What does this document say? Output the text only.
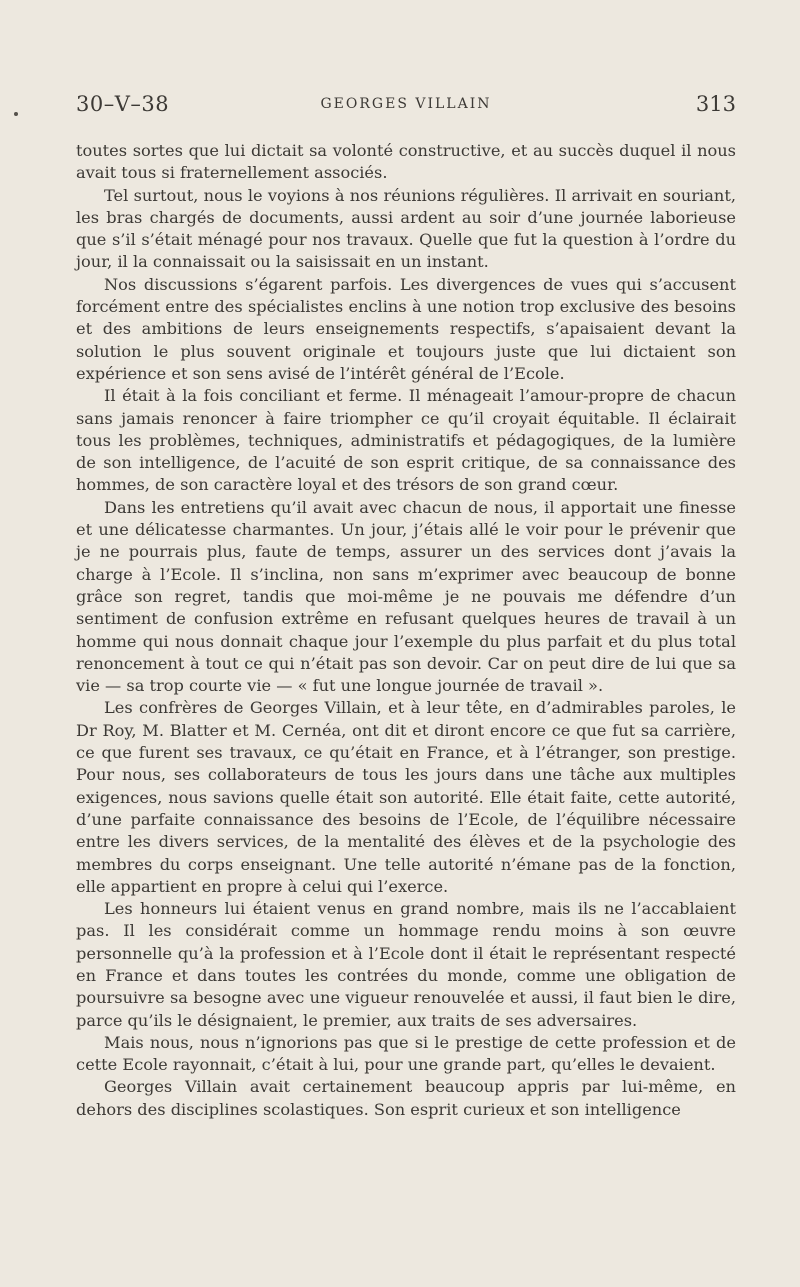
30–V–38	GEORGES VILLAIN	313

toutes sortes que lui dictait sa volonté constructive, et au succès duquel il nous avait tous si fraternellement associés.

Tel surtout, nous le voyions à nos réunions régulières. Il arrivait en souriant, les bras chargés de documents, aussi ardent au soir d’une journée laborieuse que s’il s’était ménagé pour nos travaux. Quelle que fut la question à l’ordre du jour, il la connaissait ou la saisissait en un instant.

Nos discussions s’égarent parfois. Les divergences de vues qui s’accusent forcément entre des spécialistes enclins à une notion trop exclusive des besoins et des ambitions de leurs enseignements respectifs, s’apaisaient devant la solution le plus souvent originale et toujours juste que lui dictaient son expérience et son sens avisé de l’intérêt général de l’Ecole.

Il était à la fois conciliant et ferme. Il ménageait l’amour-propre de chacun sans jamais renoncer à faire triompher ce qu’il croyait équitable. Il éclairait tous les problèmes, techniques, administratifs et pédagogiques, de la lumière de son intelligence, de l’acuité de son esprit critique, de sa connaissance des hommes, de son caractère loyal et des trésors de son grand cœur.

Dans les entretiens qu’il avait avec chacun de nous, il apportait une finesse et une délicatesse charmantes. Un jour, j’étais allé le voir pour le prévenir que je ne pourrais plus, faute de temps, assurer un des services dont j’avais la charge à l’Ecole. Il s’inclina, non sans m’exprimer avec beaucoup de bonne grâce son regret, tandis que moi-même je ne pouvais me défendre d’un sentiment de confusion extrême en refusant quelques heures de travail à un homme qui nous donnait chaque jour l’exemple du plus parfait et du plus total renoncement à tout ce qui n’était pas son devoir. Car on peut dire de lui que sa vie — sa trop courte vie — « fut une longue journée de travail ».

Les confrères de Georges Villain, et à leur tête, en d’admirables paroles, le Dr Roy, M. Blatter et M. Cernéa, ont dit et diront encore ce que fut sa carrière, ce que furent ses travaux, ce qu’était en France, et à l’étranger, son prestige. Pour nous, ses collaborateurs de tous les jours dans une tâche aux multiples exigences, nous savions quelle était son autorité. Elle était faite, cette autorité, d’une parfaite connaissance des besoins de l’Ecole, de l’équilibre nécessaire entre les divers services, de la mentalité des élèves et de la psychologie des membres du corps enseignant. Une telle autorité n’émane pas de la fonction, elle appartient en propre à celui qui l’exerce.

Les honneurs lui étaient venus en grand nombre, mais ils ne l’accablaient pas. Il les considérait comme un hommage rendu moins à son œuvre personnelle qu’à la profession et à l’Ecole dont il était le représentant respecté en France et dans toutes les contrées du monde, comme une obligation de poursuivre sa besogne avec une vigueur renouvelée et aussi, il faut bien le dire, parce qu’ils le désignaient, le premier, aux traits de ses adversaires.

Mais nous, nous n’ignorions pas que si le prestige de cette profession et de cette Ecole rayonnait, c’était à lui, pour une grande part, qu’elles le devaient.

Georges Villain avait certainement beaucoup appris par lui-même, en dehors des disciplines scolastiques. Son esprit curieux et son intelligence
